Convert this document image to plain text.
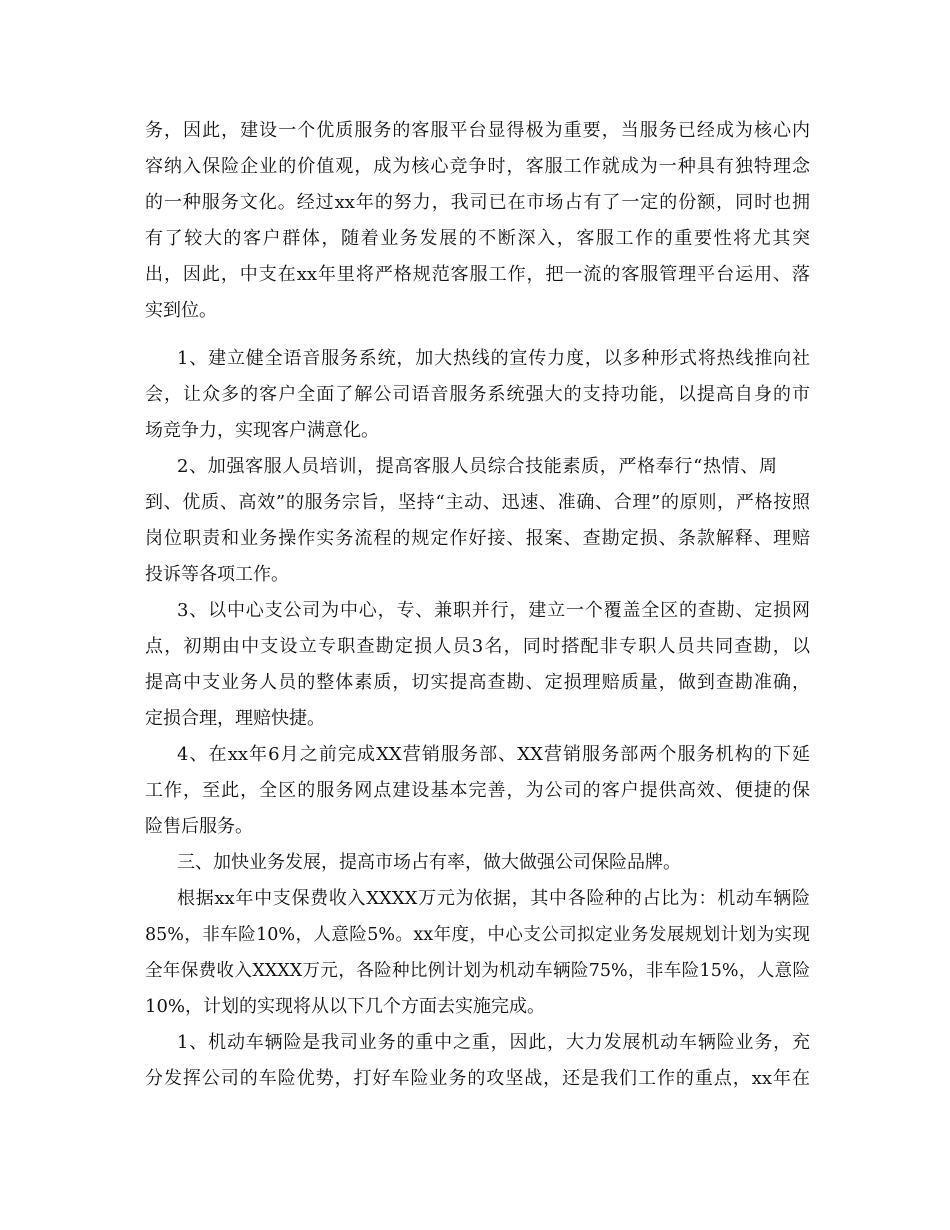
务，因此，建设一个优质服务的客服平台显得极为重要，当服务已经成为核心内
容纳入保险企业的价值观，成为核心竞争时，客服工作就成为一种具有独特理念
的一种服务文化。经过xx年的努力，我司已在市场占有了一定的份额，同时也拥
有了较大的客户群体，随着业务发展的不断深入，客服工作的重要性将尤其突
出，因此，中支在xx年里将严格规范客服工作，把一流的客服管理平台运用、落
实到位。
1、建立健全语音服务系统，加大热线的宣传力度，以多种形式将热线推向社
会，让众多的客户全面了解公司语音服务系统强大的支持功能，以提高自身的市
场竞争力，实现客户满意化。
2、加强客服人员培训，提高客服人员综合技能素质，严格奉行“热情、周
到、优质、高效”的服务宗旨，坚持“主动、迅速、准确、合理”的原则，严格按照
岗位职责和业务操作实务流程的规定作好接、报案、查勘定损、条款解释、理赔
投诉等各项工作。
3、以中心支公司为中心，专、兼职并行，建立一个覆盖全区的查勘、定损网
点，初期由中支设立专职查勘定损人员3名，同时搭配非专职人员共同查勘，以
提高中支业务人员的整体素质，切实提高查勘、定损理赔质量，做到查勘准确，
定损合理，理赔快捷。
4、在xx年6月之前完成XX营销服务部、XX营销服务部两个服务机构的下延
工作，至此，全区的服务网点建设基本完善，为公司的客户提供高效、便捷的保
险售后服务。
三、加快业务发展，提高市场占有率，做大做强公司保险品牌。
根据xx年中支保费收入XXXX万元为依据，其中各险种的占比为：机动车辆险
85%，非车险10%，人意险5%。xx年度，中心支公司拟定业务发展规划计划为实现
全年保费收入XXXX万元，各险种比例计划为机动车辆险75%，非车险15%，人意险
10%，计划的实现将从以下几个方面去实施完成。
1、机动车辆险是我司业务的重中之重，因此，大力发展机动车辆险业务，充
分发挥公司的车险优势，打好车险业务的攻坚战，还是我们工作的重点，xx年在
